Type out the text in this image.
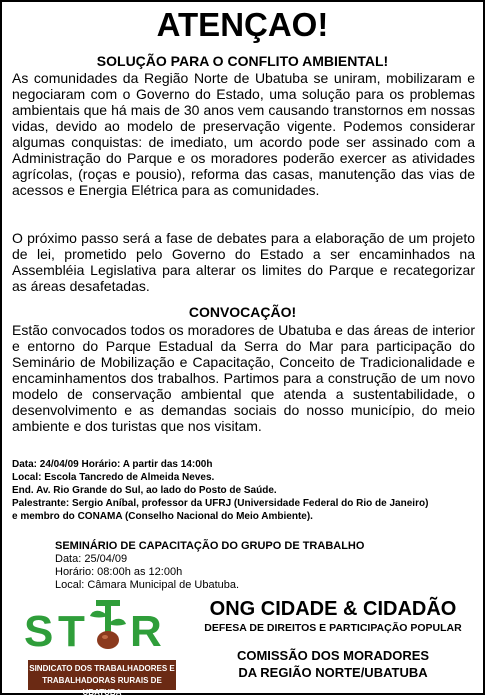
ATENÇAO!
SOLUÇÃO PARA O CONFLITO AMBIENTAL!

As comunidades da Região Norte de Ubatuba se uniram, mobilizaram e negociaram com o Governo do Estado, uma solução para os problemas ambientais que há mais de 30 anos vem causando transtornos em nossas vidas, devido ao modelo de preservação vigente. Podemos considerar algumas conquistas: de imediato, um acordo pode ser assinado com a Administração do Parque e os moradores poderão exercer as atividades agrícolas, (roças e pousio), reforma das casas, manutenção das vias de acessos e Energia Elétrica para as comunidades.

O próximo passo será a fase de debates para a elaboração de um projeto de lei, prometido pelo Governo do Estado a ser encaminhados na Assembléia Legislativa para alterar os limites do Parque e recategorizar as áreas desafetadas.

CONVOCAÇÃO!

Estão convocados todos os moradores de Ubatuba e das áreas de interior e entorno do Parque Estadual da Serra do Mar para participação do Seminário de Mobilização e Capacitação, Conceito de Tradicionalidade e encaminhamentos dos trabalhos. Partimos para a construção de um novo modelo de conservação ambiental que atenda a sustentabilidade, o desenvolvimento e as demandas sociais do nosso município, do meio ambiente e dos turistas que nos visitam.

Data: 24/04/09 Horário: A partir das 14:00h
Local: Escola Tancredo de Almeida Neves.
End. Av. Rio Grande do Sul, ao lado do Posto de Saúde.
Palestrante: Sergio Aníbal, professor da UFRJ (Universidade Federal do Rio de Janeiro)
e membro do CONAMA (Conselho Nacional do Meio Ambiente).
SEMINÁRIO DE CAPACITAÇÃO DO GRUPO DE TRABALHO
Data: 25/04/09
Horário: 08:00h as 12:00h
Local: Câmara Municipal de Ubatuba.
S T R
SINDICATO DOS TRABALHADORES E
TRABALHADORAS RURAIS DE UBATUBA
ONG CIDADE & CIDADÃO
DEFESA DE DIREITOS E PARTICIPAÇÃO POPULAR
COMISSÃO DOS MORADORES
DA REGIÃO NORTE/UBATUBA
